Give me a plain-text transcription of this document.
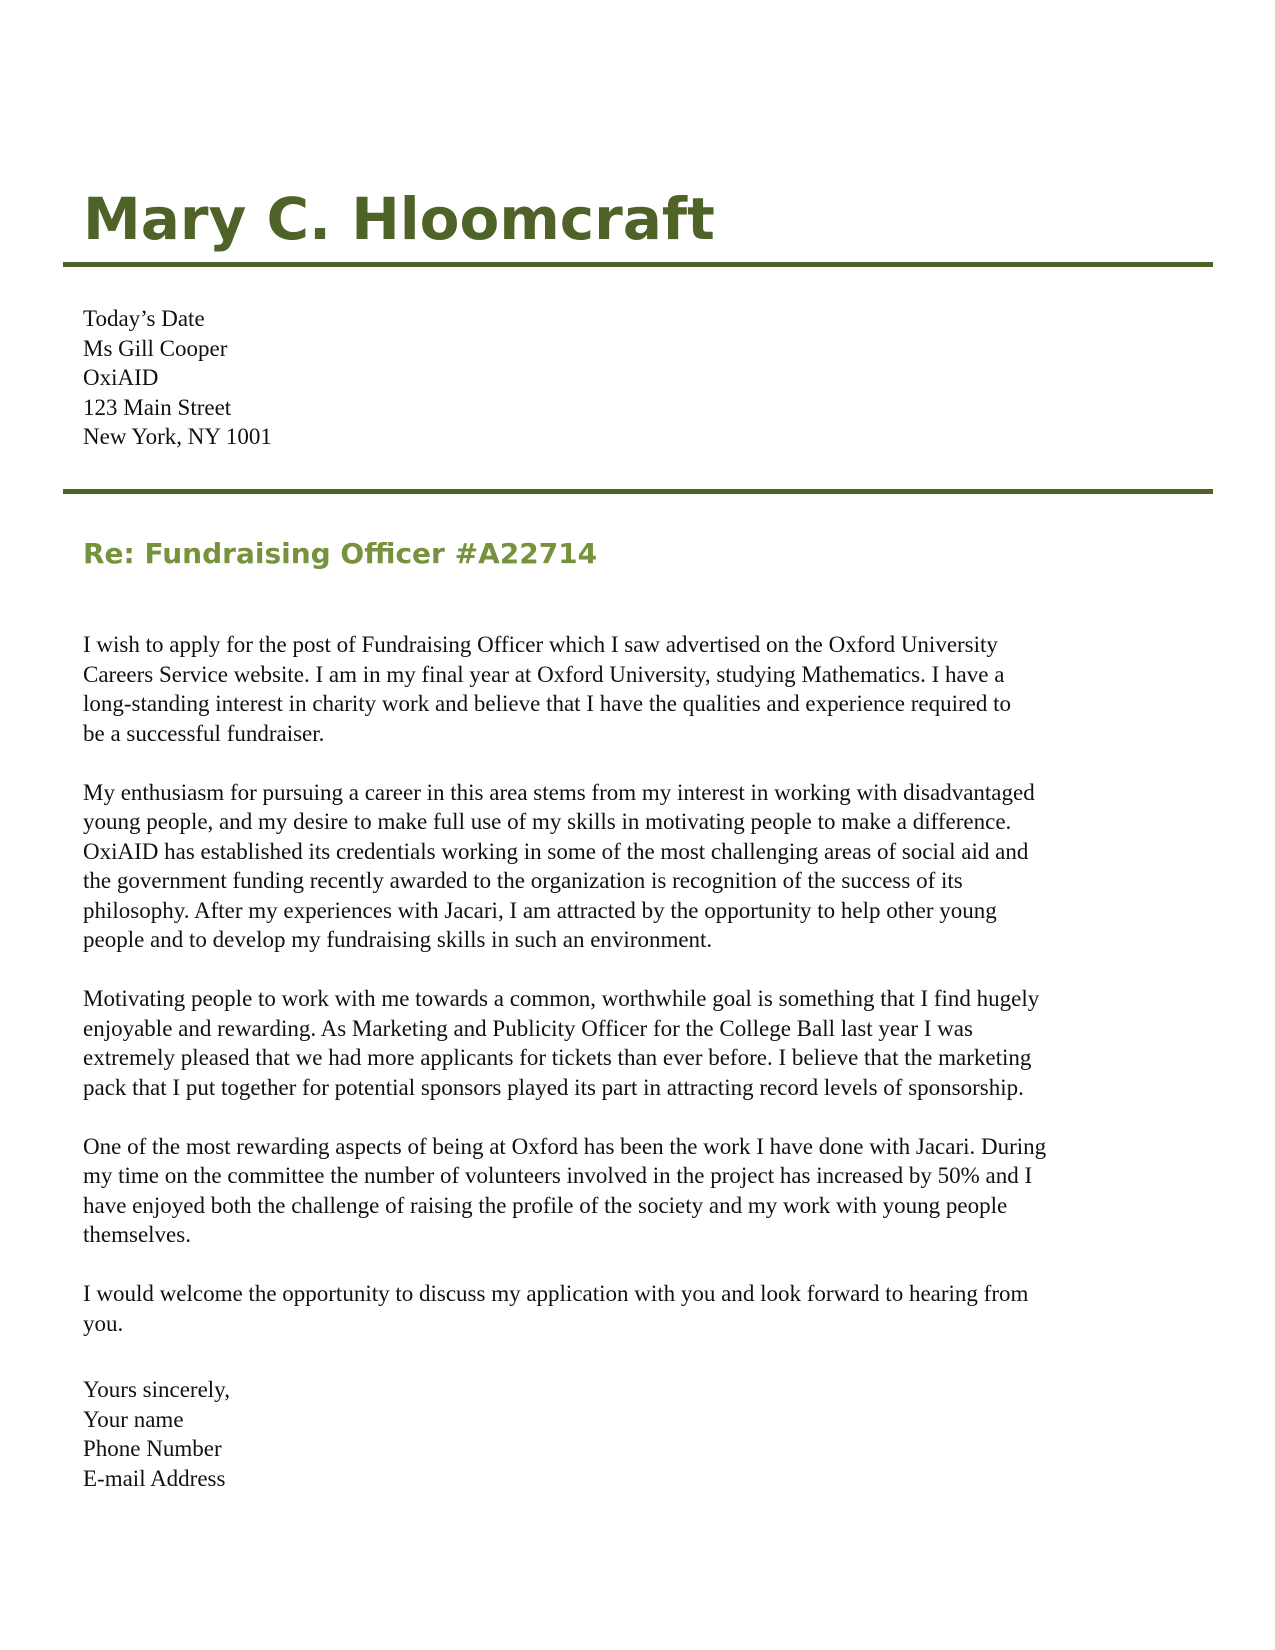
Mary C. Hloomcraft
Today’s Date
Ms Gill Cooper
OxiAID
123 Main Street
New York, NY 1001
Re: Fundraising Officer #A22714

I wish to apply for the post of Fundraising Officer which I saw advertised on the Oxford University
Careers Service website. I am in my final year at Oxford University, studying Mathematics. I have a
long-standing interest in charity work and believe that I have the qualities and experience required to
be a successful fundraiser.

My enthusiasm for pursuing a career in this area stems from my interest in working with disadvantaged
young people, and my desire to make full use of my skills in motivating people to make a difference.
OxiAID has established its credentials working in some of the most challenging areas of social aid and
the government funding recently awarded to the organization is recognition of the success of its
philosophy. After my experiences with Jacari, I am attracted by the opportunity to help other young
people and to develop my fundraising skills in such an environment.

Motivating people to work with me towards a common, worthwhile goal is something that I find hugely
enjoyable and rewarding. As Marketing and Publicity Officer for the College Ball last year I was
extremely pleased that we had more applicants for tickets than ever before. I believe that the marketing
pack that I put together for potential sponsors played its part in attracting record levels of sponsorship.

One of the most rewarding aspects of being at Oxford has been the work I have done with Jacari. During
my time on the committee the number of volunteers involved in the project has increased by 50% and I
have enjoyed both the challenge of raising the profile of the society and my work with young people
themselves.

I would welcome the opportunity to discuss my application with you and look forward to hearing from
you.

Yours sincerely,
Your name
Phone Number
E-mail Address
